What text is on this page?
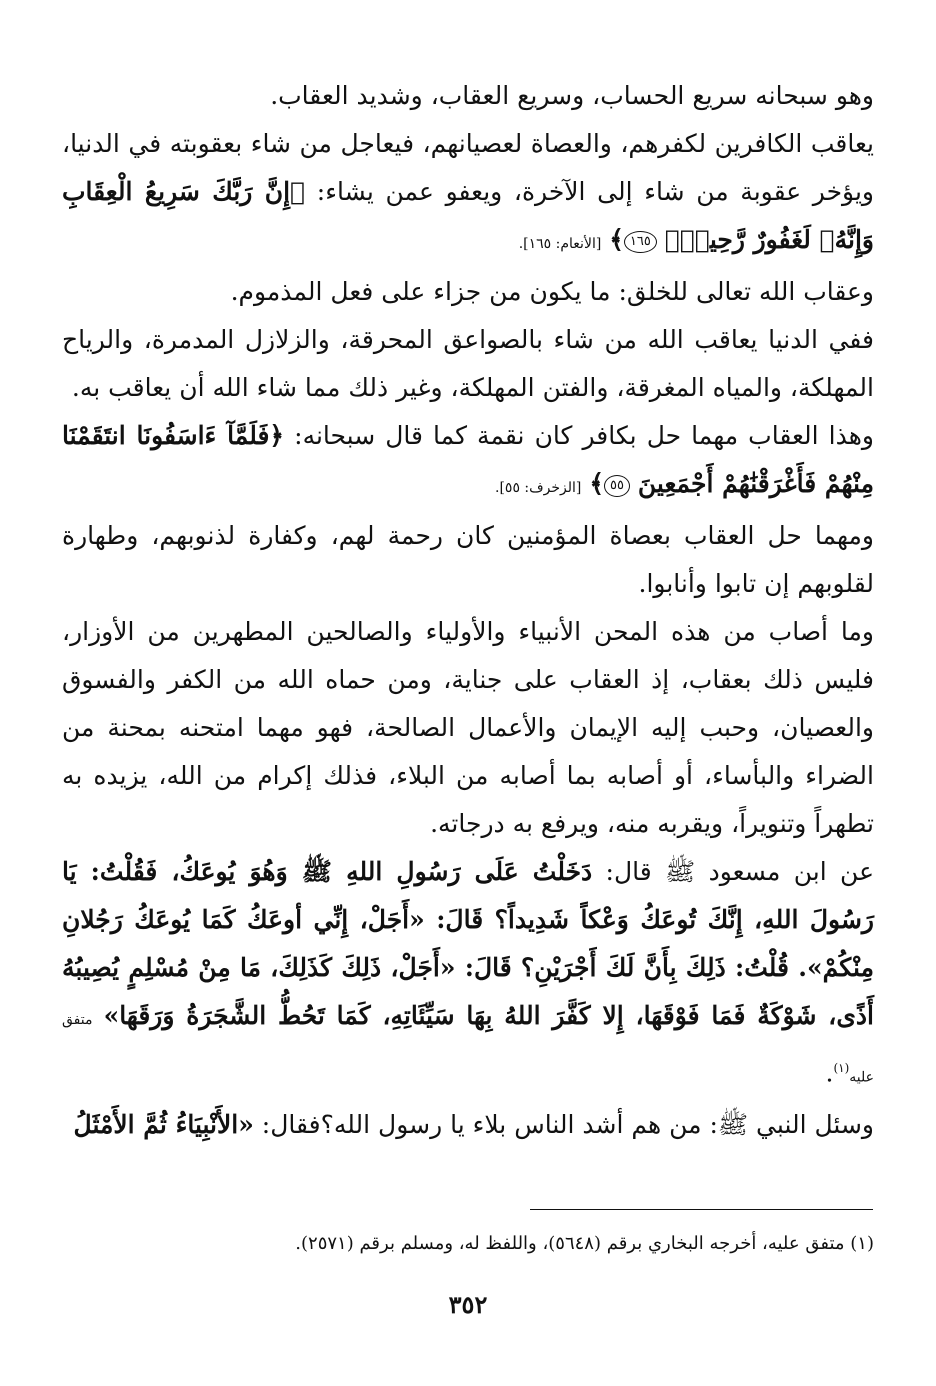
وهو سبحانه سريع الحساب، وسريع العقاب، وشديد العقاب.

يعاقب الكافرين لكفرهم، والعصاة لعصيانهم، فيعاجل من شاء بعقوبته في الدنيا، ويؤخر عقوبة من شاء إلى الآخرة، ويعفو عمن يشاء: ﴿إِنَّ رَبَّكَ سَرِيعُ الْعِقَابِ وَإِنَّهُۥ لَغَفُورٌ رَّحِيمٌۢ ١٦٥﴾ [الأنعام: ١٦٥].

وعقاب الله تعالى للخلق: ما يكون من جزاء على فعل المذموم.

ففي الدنيا يعاقب الله من شاء بالصواعق المحرقة، والزلازل المدمرة، والرياح المهلكة، والمياه المغرقة، والفتن المهلكة، وغير ذلك مما شاء الله أن يعاقب به.

وهذا العقاب مهما حل بكافر كان نقمة كما قال سبحانه: ﴿فَلَمَّآ ءَاسَفُونَا انتَقَمْنَا مِنْهُمْ فَأَغْرَقْنَٰهُمْ أَجْمَعِينَ ٥٥﴾ [الزخرف: ٥٥].

ومهما حل العقاب بعصاة المؤمنين كان رحمة لهم، وكفارة لذنوبهم، وطهارة لقلوبهم إن تابوا وأنابوا.

وما أصاب من هذه المحن الأنبياء والأولياء والصالحين المطهرين من الأوزار، فليس ذلك بعقاب، إذ العقاب على جناية، ومن حماه الله من الكفر والفسوق والعصيان، وحبب إليه الإيمان والأعمال الصالحة، فهو مهما امتحنه بمحنة من الضراء والبأساء، أو أصابه بما أصابه من البلاء، فذلك إكرام من الله، يزيده به تطهراً وتنويراً، ويقربه منه، ويرفع به درجاته.

عن ابن مسعود ﷺ قال: دَخَلْتُ عَلَى رَسُولِ اللهِ ﷺ وَهُوَ يُوعَكُ، فَقُلْتُ: يَا رَسُولَ اللهِ، إِنَّكَ تُوعَكُ وَعْكاً شَدِيداً؟ قَالَ: «أَجَلْ، إِنِّي أوعَكُ كَمَا يُوعَكُ رَجُلانِ مِنْكُمْ». قُلْتُ: ذَلِكَ بِأَنَّ لَكَ أَجْرَيْنِ؟ قَالَ: «أَجَلْ، ذَلِكَ كَذَلِكَ، مَا مِنْ مُسْلِمٍ يُصِيبُهُ أَذًى، شَوْكَةٌ فَمَا فَوْقَهَا، إِلا كَفَّرَ اللهُ بِهَا سَيِّئَاتِهِ، كَمَا تَحُطُّ الشَّجَرَةُ وَرَقَهَا» متفق عليه$^{(١)}$.

وسئل النبي ﷺ: من هم أشد الناس بلاء يا رسول الله؟فقال: «الأَنْبِيَاءُ ثُمَّ الأَمْثَلُ

(١) متفق عليه، أخرجه البخاري برقم (٥٦٤٨)، واللفظ له، ومسلم برقم (٢٥٧١).
٣٥٢
